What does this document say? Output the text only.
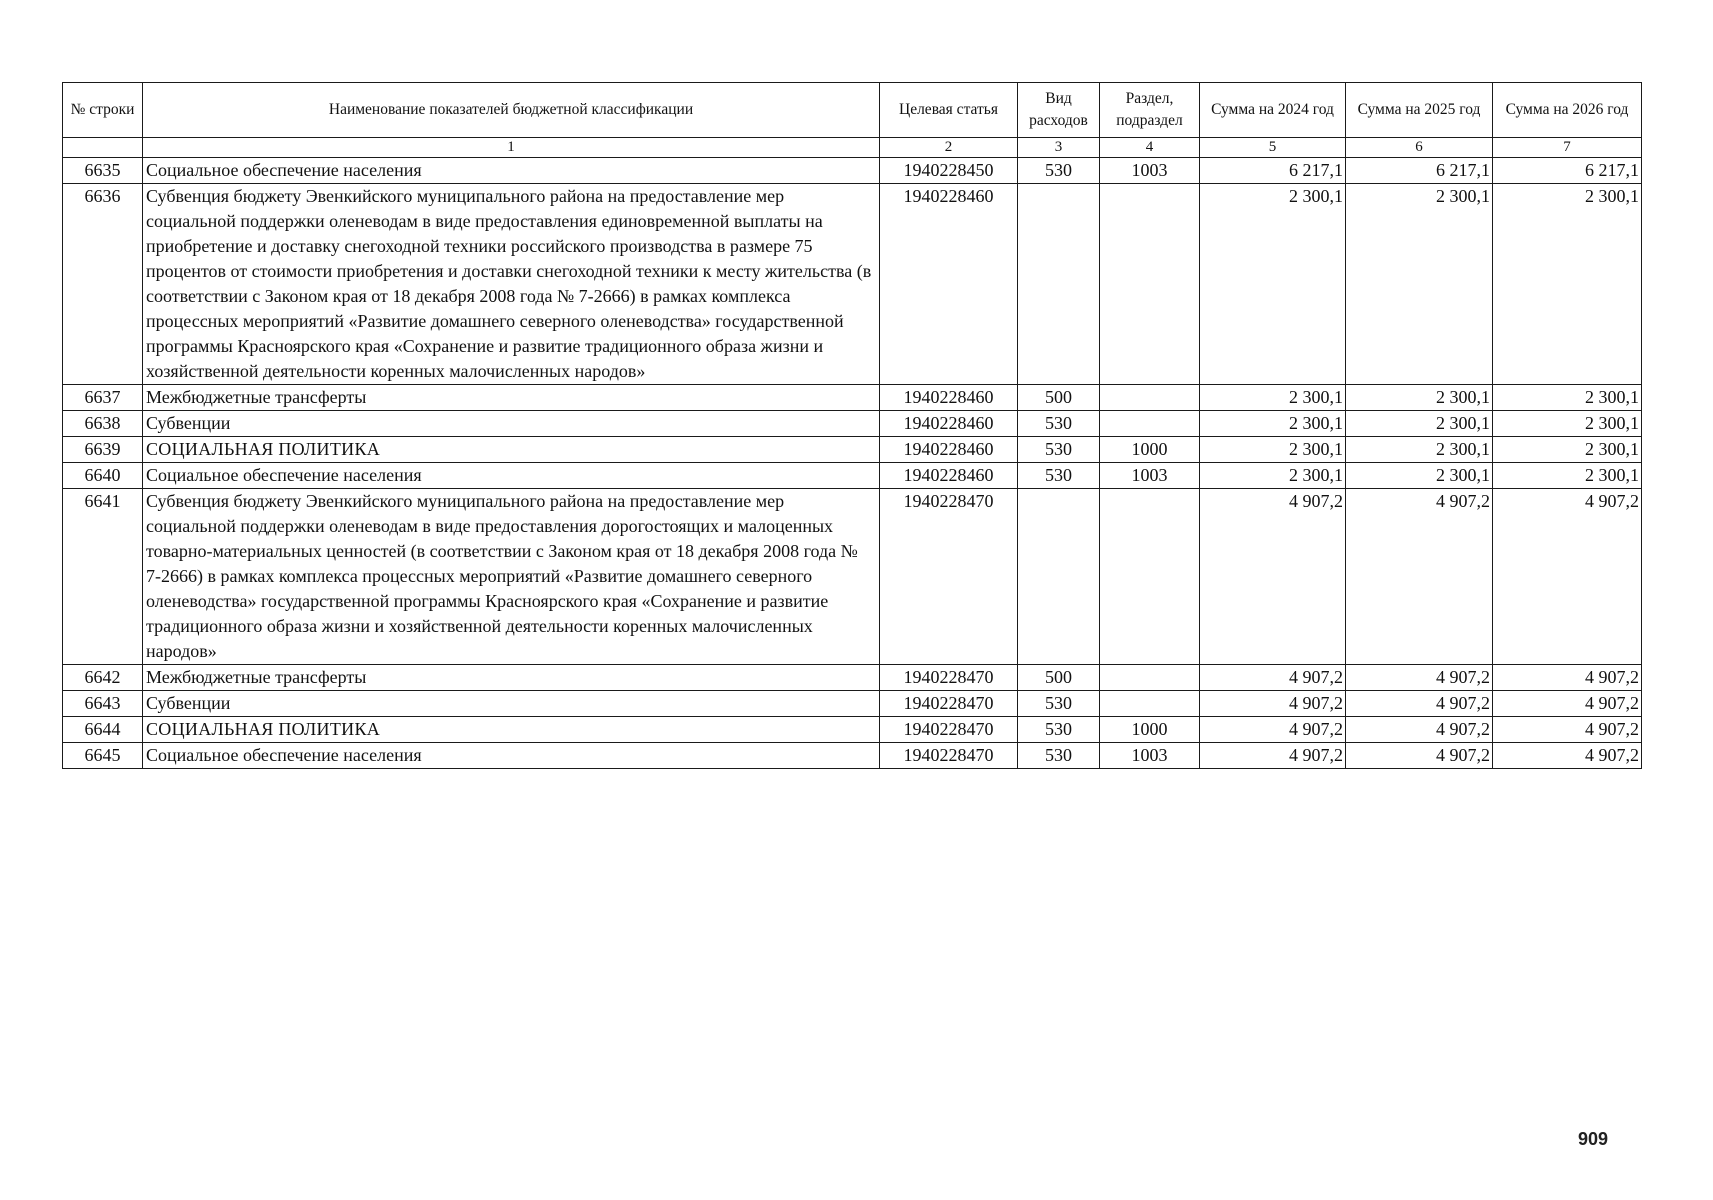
№ строки	Наименование показателей бюджетной классификации	Целевая статья	Вид расходов	Раздел, подраздел	Сумма на 2024 год	Сумма на 2025 год	Сумма на 2026 год
	1	2	3	4	5	6	7
6635	Социальное обеспечение населения	1940228450	530	1003	6 217,1	6 217,1	6 217,1
6636	Субвенция бюджету Эвенкийского муниципального района на предоставление мер социальной поддержки оленеводам в виде предоставления единовременной выплаты на приобретение и доставку снегоходной техники российского производства в размере 75 процентов от стоимости приобретения и доставки снегоходной техники к месту жительства (в соответствии с Законом края от 18 декабря 2008 года № 7-2666) в рамках комплекса процессных мероприятий «Развитие домашнего северного оленеводства» государственной программы Красноярского края «Сохранение и развитие традиционного образа жизни и хозяйственной деятельности коренных малочисленных народов»	1940228460			2 300,1	2 300,1	2 300,1
6637	Межбюджетные трансферты	1940228460	500		2 300,1	2 300,1	2 300,1
6638	Субвенции	1940228460	530		2 300,1	2 300,1	2 300,1
6639	СОЦИАЛЬНАЯ ПОЛИТИКА	1940228460	530	1000	2 300,1	2 300,1	2 300,1
6640	Социальное обеспечение населения	1940228460	530	1003	2 300,1	2 300,1	2 300,1
6641	Субвенция бюджету Эвенкийского муниципального района на предоставление мер социальной поддержки оленеводам в виде предоставления дорогостоящих и малоценных товарно-материальных ценностей (в соответствии с Законом края от 18 декабря 2008 года № 7-2666) в рамках комплекса процессных мероприятий «Развитие домашнего северного оленеводства» государственной программы Красноярского края «Сохранение и развитие традиционного образа жизни и хозяйственной деятельности коренных малочисленных народов»	1940228470			4 907,2	4 907,2	4 907,2
6642	Межбюджетные трансферты	1940228470	500		4 907,2	4 907,2	4 907,2
6643	Субвенции	1940228470	530		4 907,2	4 907,2	4 907,2
6644	СОЦИАЛЬНАЯ ПОЛИТИКА	1940228470	530	1000	4 907,2	4 907,2	4 907,2
6645	Социальное обеспечение населения	1940228470	530	1003	4 907,2	4 907,2	4 907,2
909
